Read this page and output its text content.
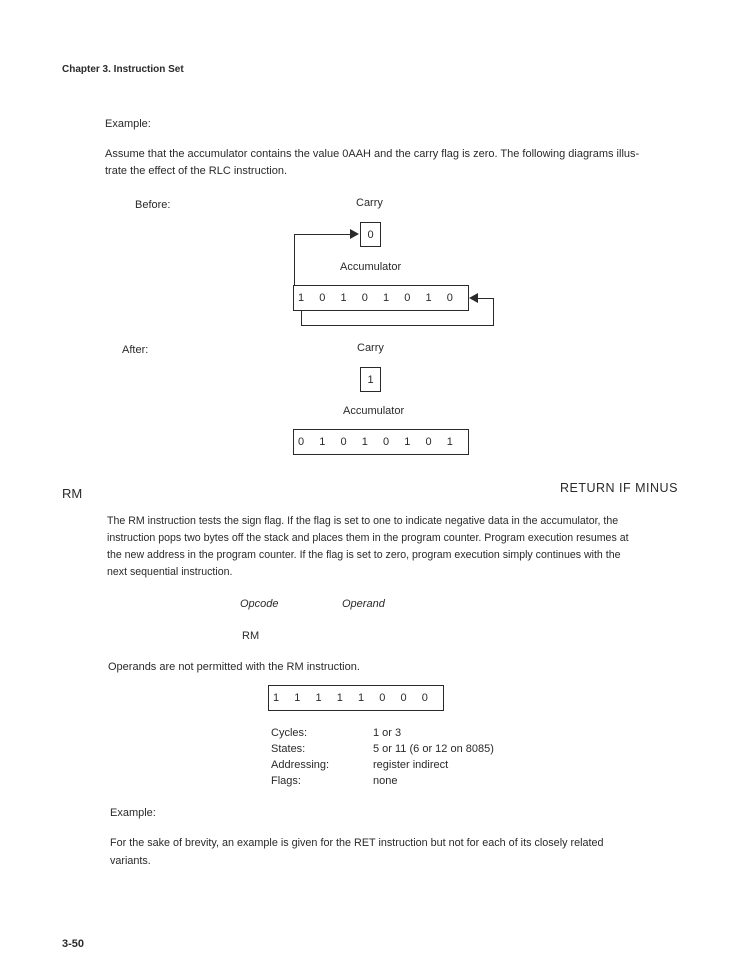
Chapter 3. Instruction Set
Example:
Assume that the accumulator contains the value 0AAH and the carry flag is zero. The following diagrams illus-
trate the effect of the RLC instruction.
Before:	Carry
0
Accumulator
1	0	1	0	1	0	1	0
After:	Carry
1
Accumulator
0	1	0	1	0	1	0	1
RM	RETURN IF MINUS
The RM instruction tests the sign flag. If the flag is set to one to indicate negative data in the accumulator, the
instruction pops two bytes off the stack and places them in the program counter. Program execution resumes at
the new address in the program counter. If the flag is set to zero, program execution simply continues with the
next sequential instruction.
Opcode	Operand
RM
Operands are not permitted with the RM instruction.
1	1	1	1	1	0	0	0
Cycles:	1 or 3
States:	5 or 11 (6 or 12 on 8085)
Addressing:	register indirect
Flags:	none
Example:
For the sake of brevity, an example is given for the RET instruction but not for each of its closely related
variants.
3-50
